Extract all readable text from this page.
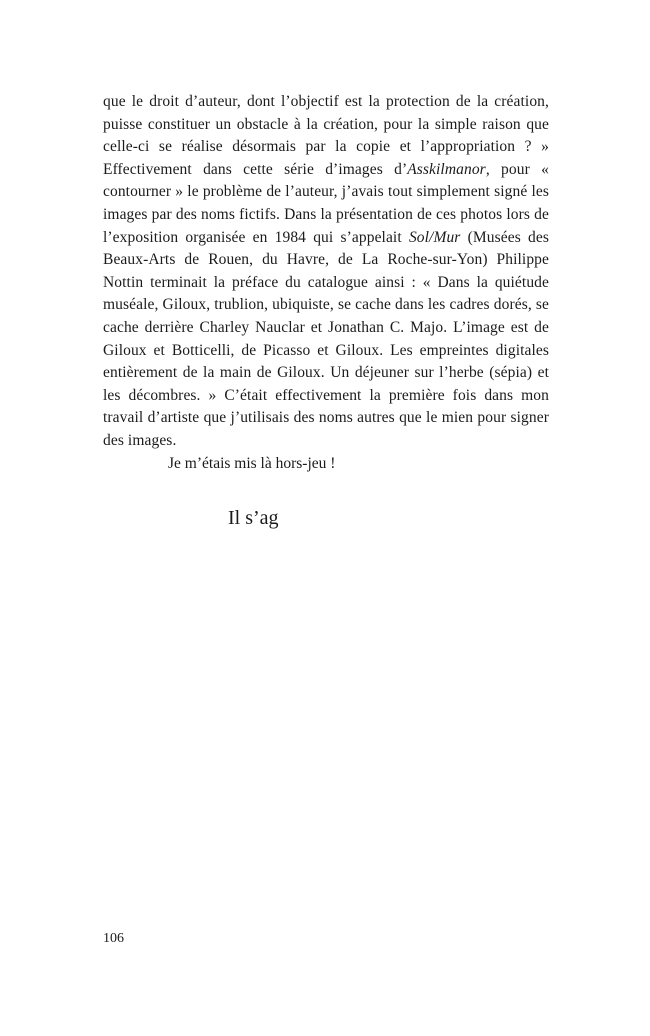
que le droit d’auteur, dont l’objectif est la protection de la création, puisse constituer un obstacle à la création, pour la simple raison que celle-ci se réalise désormais par la copie et l’appropriation ? » Effectivement dans cette série d’images d’Asskilmanor, pour « contourner » le problème de l’auteur, j’avais tout simplement signé les images par des noms fictifs. Dans la présentation de ces photos lors de l’exposition organisée en 1984 qui s’appelait Sol/Mur (Musées des Beaux-Arts de Rouen, du Havre, de La Roche-sur-Yon) Philippe Nottin terminait la préface du catalogue ainsi : « Dans la quiétude muséale, Giloux, trublion, ubiquiste, se cache dans les cadres dorés, se cache derrière Charley Nauclar et Jonathan C. Majo. L’image est de Giloux et Botticelli, de Picasso et Giloux. Les empreintes digitales entièrement de la main de Giloux. Un déjeuner sur l’herbe (sépia) et les décombres. » C’était effectivement la première fois dans mon travail d’artiste que j’utilisais des noms autres que le mien pour signer des images.

Je m’étais mis là hors-jeu !

Il s’ag

106
